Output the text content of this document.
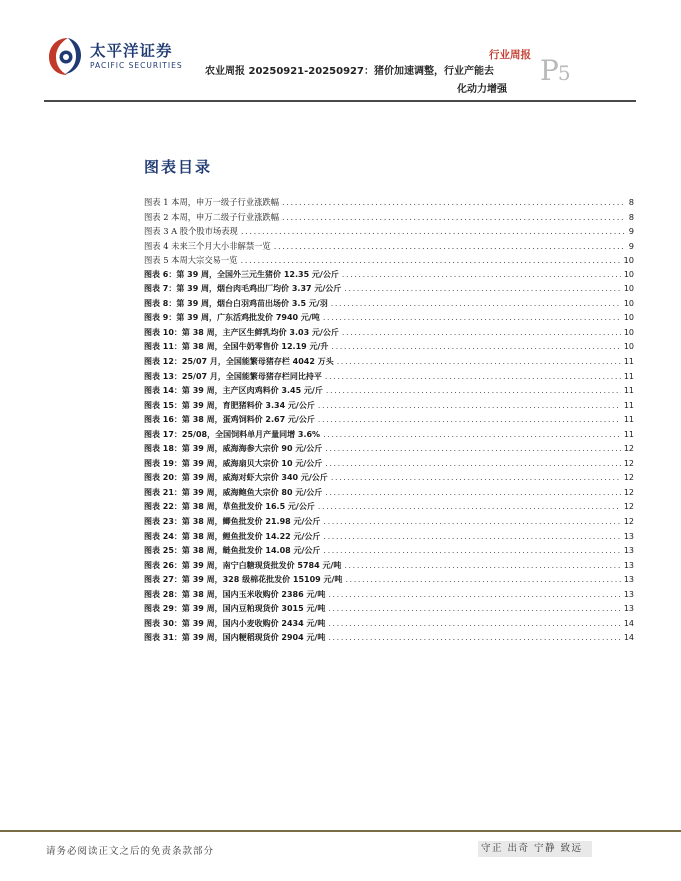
太平洋证券
PACIFIC SECURITIES
行业周报
农业周报 20250921-20250927：猪价加速调整，行业产能去
化动力增强
P5
图表目录
图表 1 本周，申万一级子行业涨跌幅 .....	8
图表 2 本周，申万二级子行业涨跌幅 .....	8
图表 3 A 股个股市场表现 .....	9
图表 4 未来三个月大小非解禁一览 .....	9
图表 5 本周大宗交易一览 .....	10
图表 6：第 39 周，全国外三元生猪价 12.35 元/公斤 .....	10
图表 7：第 39 周，烟台肉毛鸡出厂均价 3.37 元/公斤 .....	10
图表 8：第 39 周，烟台白羽鸡苗出场价 3.5 元/羽 .....	10
图表 9：第 39 周，广东活鸡批发价 7940 元/吨 .....	10
图表 10：第 38 周，主产区生鲜乳均价 3.03 元/公斤 .....	10
图表 11：第 38 周，全国牛奶零售价 12.19 元/升 .....	10
图表 12：25/07 月，全国能繁母猪存栏 4042 万头 .....	11
图表 13：25/07 月，全国能繁母猪存栏同比持平 .....	11
图表 14：第 39 周，主产区肉鸡料价 3.45 元/斤 .....	11
图表 15：第 39 周，育肥猪料价 3.34 元/公斤 .....	11
图表 16：第 38 周，蛋鸡饲料价 2.67 元/公斤 .....	11
图表 17：25/08，全国饲料单月产量同增 3.6% .....	11
图表 18：第 39 周，威海海参大宗价 90 元/公斤 .....	12
图表 19：第 39 周，威海扇贝大宗价 10 元/公斤 .....	12
图表 20：第 39 周，威海对虾大宗价 340 元/公斤 .....	12
图表 21：第 39 周，威海鲍鱼大宗价 80 元/公斤 .....	12
图表 22：第 38 周，草鱼批发价 16.5 元/公斤 .....	12
图表 23：第 38 周，鲫鱼批发价 21.98 元/公斤 .....	12
图表 24：第 38 周，鲤鱼批发价 14.22 元/公斤 .....	13
图表 25：第 38 周，鲢鱼批发价 14.08 元/公斤 .....	13
图表 26：第 39 周，南宁白糖现货批发价 5784 元/吨 .....	13
图表 27：第 39 周，328 级棉花批发价 15109 元/吨 .....	13
图表 28：第 38 周，国内玉米收购价 2386 元/吨 .....	13
图表 29：第 39 周，国内豆粕现货价 3015 元/吨 .....	13
图表 30：第 39 周，国内小麦收购价 2434 元/吨 .....	14
图表 31：第 39 周，国内粳稻现货价 2904 元/吨 .....	14
请务必阅读正文之后的免责条款部分	守正 出奇 宁静 致远
